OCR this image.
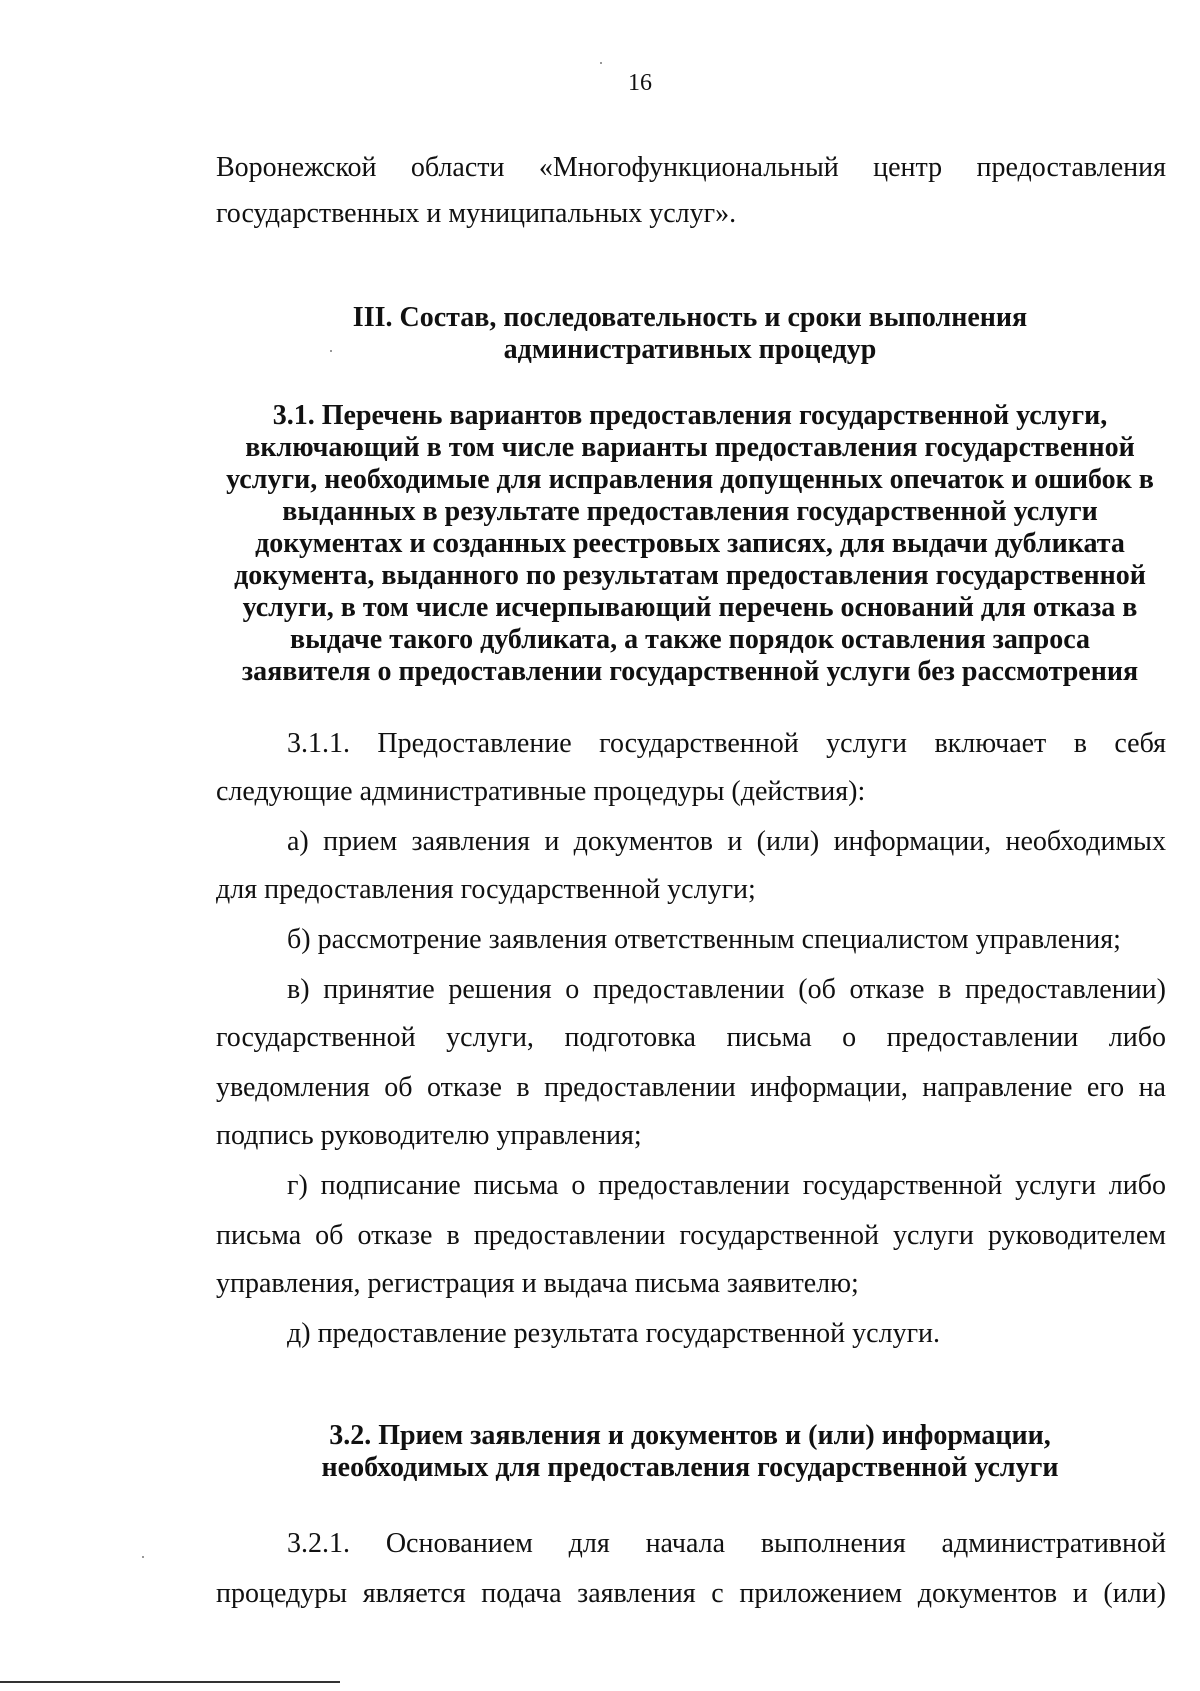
16
Воронежской области «Многофункциональный центр предоставления
государственных и муниципальных услуг».
III. Состав, последовательность и сроки выполнения
административных процедур
3.1. Перечень вариантов предоставления государственной услуги,
включающий в том числе варианты предоставления государственной
услуги, необходимые для исправления допущенных опечаток и ошибок в
выданных в результате предоставления государственной услуги
документах и созданных реестровых записях, для выдачи дубликата
документа, выданного по результатам предоставления государственной
услуги, в том числе исчерпывающий перечень оснований для отказа в
выдаче такого дубликата, а также порядок оставления запроса
заявителя о предоставлении государственной услуги без рассмотрения
3.1.1. Предоставление государственной услуги включает в себя
следующие административные процедуры (действия):
а) прием заявления и документов и (или) информации, необходимых
для предоставления государственной услуги;
б) рассмотрение заявления ответственным специалистом управления;
в) принятие решения о предоставлении (об отказе в предоставлении)
государственной услуги, подготовка письма о предоставлении либо
уведомления об отказе в предоставлении информации, направление его на
подпись руководителю управления;
г) подписание письма о предоставлении государственной услуги либо
письма об отказе в предоставлении государственной услуги руководителем
управления, регистрация и выдача письма заявителю;
д) предоставление результата государственной услуги.
3.2. Прием заявления и документов и (или) информации,
необходимых для предоставления государственной услуги
3.2.1. Основанием для начала выполнения административной
процедуры является подача заявления с приложением документов и (или)
